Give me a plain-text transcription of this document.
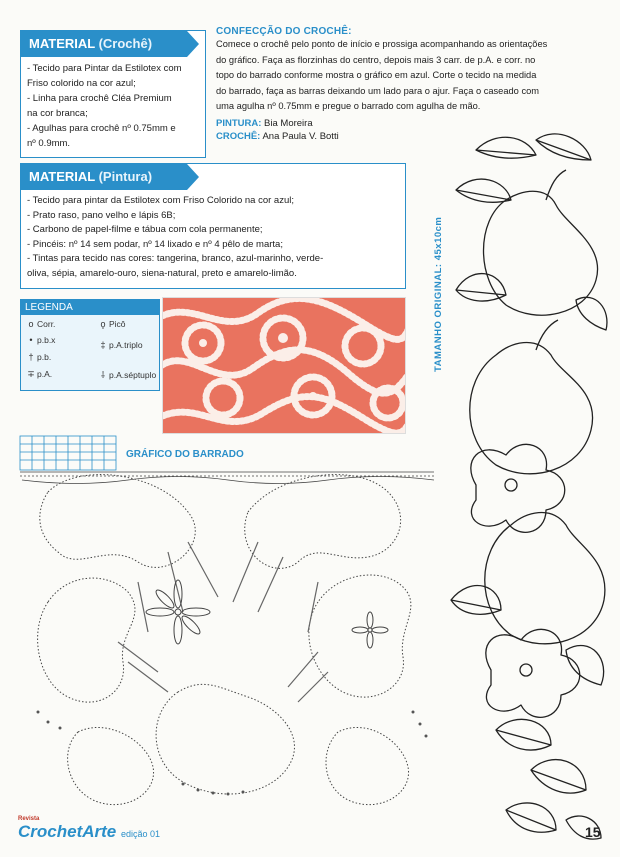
MATERIAL (Crochê)
- Tecido para Pintar da Estilotex com
Friso colorido na cor azul;
- Linha para crochê Cléa Premium
na cor branca;
- Agulhas para crochê nº 0.75mm e
nº 0.9mm.
CONFECÇÃO DO CROCHÊ:
Comece o crochê pelo ponto de início e prossiga acompanhando as orientações
do gráfico. Faça as florzinhas do centro, depois mais 3 carr. de p.A. e corr. no
topo do barrado conforme mostra o gráfico em azul. Corte o tecido na medida
do barrado, faça as barras deixando um lado para o ajur. Faça o caseado com
uma agulha nº 0.75mm e pregue o barrado com agulha de mão.
PINTURA: Bia Moreira
CROCHÊ: Ana Paula V. Botti
MATERIAL (Pintura)
- Tecido para pintar da Estilotex com Friso Colorido na cor azul;
- Prato raso, pano velho e lápis 6B;
- Carbono de papel-filme e tábua com cola permanente;
- Pincéis: nº 14 sem podar, nº 14 lixado e nº 4 pêlo de marta;
- Tintas para tecido nas cores: tangerina, branco, azul-marinho, verde-
oliva, sépia, amarelo-ouro, siena-natural, preto e amarelo-limão.
LEGENDA
o Corr.
• p.b.x
† p.b.
∓ p.A.
ϙ Picô
‡ p.A.triplo
⸸ p.A.séptuplo
TAMANHO ORIGINAL: 45x10cm
GRÁFICO DO BARRADO
Revista
CrochetArte edição 01	15
